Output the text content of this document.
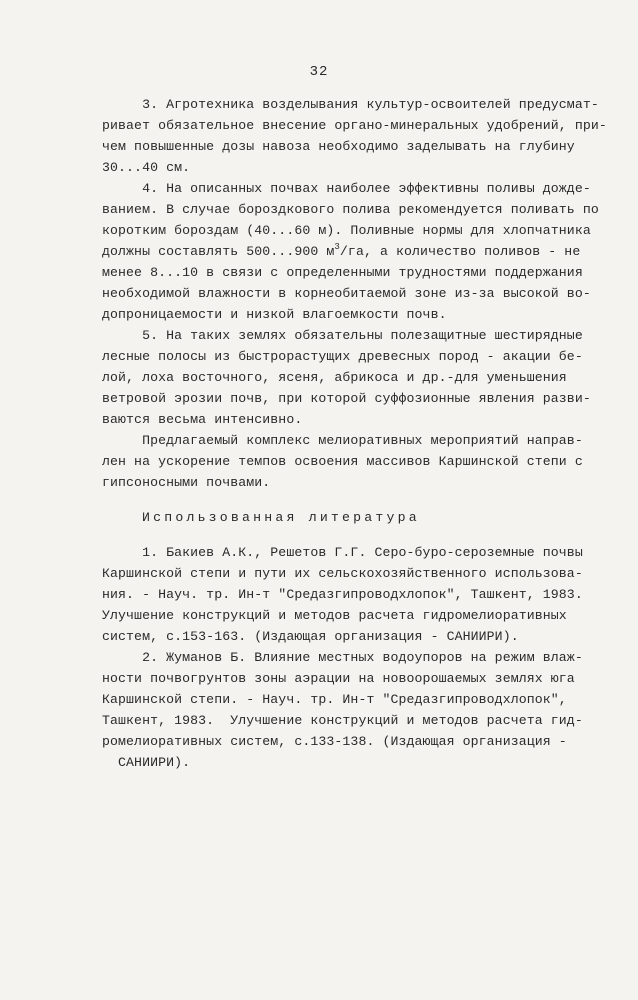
32
3. Агротехника возделывания культур-освоителей предусмат-
ривает обязательное внесение органо-минеральных удобрений, при-
чем повышенные дозы навоза необходимо заделывать на глубину
30...40 см.
4. На описанных почвах наиболее эффективны поливы дожде-
ванием. В случае бороздкового полива рекомендуется поливать по
коротким бороздам (40...60 м). Поливные нормы для хлопчатника
должны составлять 500...900 $м^3/га$, а количество поливов - не
менее 8...10 в связи с определенными трудностями поддержания
необходимой влажности в корнеобитаемой зоне из-за высокой во-
допроницаемости и низкой влагоемкости почв.
5. На таких землях обязательны полезащитные шестирядные
лесные полосы из быстрорастущих древесных пород - акации бе-
лой, лоха восточного, ясеня, абрикоса и др.-для уменьшения
ветровой эрозии почв, при которой суффозионные явления разви-
ваются весьма интенсивно.
Предлагаемый комплекс мелиоративных мероприятий направ-
лен на ускорение темпов освоения массивов Каршинской степи с
гипсоносными почвами.
Использованная литература
1. Бакиев А.К., Решетов Г.Г. Серо-буро-сероземные почвы
Каршинской степи и пути их сельскохозяйственного использова-
ния. - Науч. тр. Ин-т "Средазгипроводхлопок", Ташкент, 1983.
Улучшение конструкций и методов расчета гидромелиоративных
систем, с.153-163. (Издающая организация - САНИИРИ).
2. Жуманов Б. Влияние местных водоупоров на режим влаж-
ности почвогрунтов зоны аэрации на новоорошаемых землях юга
Каршинской степи. - Науч. тр. Ин-т "Средазгипроводхлопок",
Ташкент, 1983.  Улучшение конструкций и методов расчета гид-
ромелиоративных систем, с.133-138. (Издающая организация -
САНИИРИ).
